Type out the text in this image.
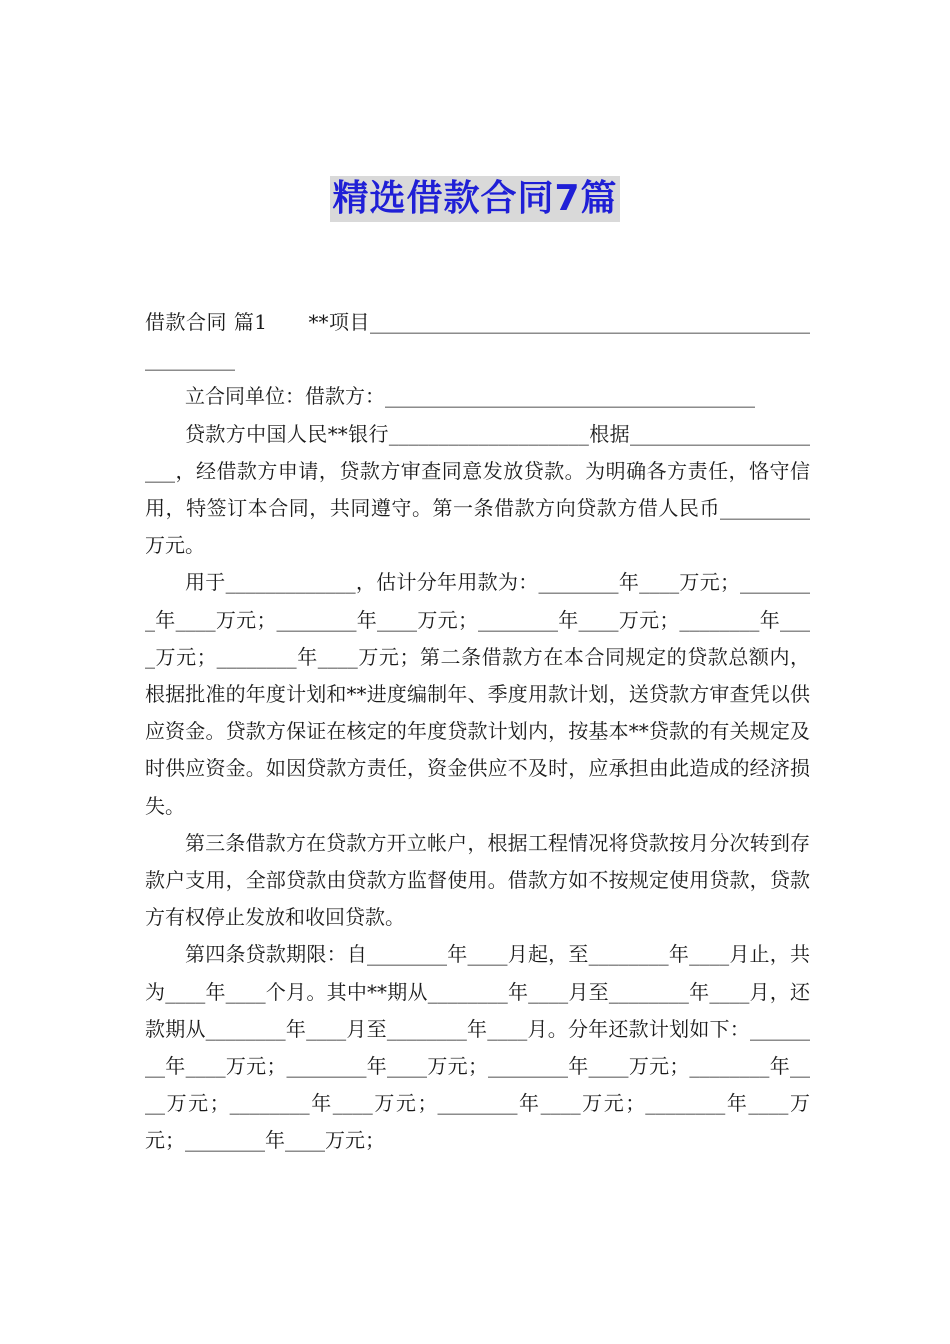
精选借款合同7篇

借款合同 篇1　　**项目_____________________________________________________

立合同单位：借款方：_____________________________________

贷款方中国人民**银行____________________根据_____________________，经借款方申请，贷款方审查同意发放贷款。为明确各方责任，恪守信用，特签订本合同，共同遵守。第一条借款方向贷款方借人民币_________万元。

用于_____________，估计分年用款为：________年____万元；________年____万元；________年____万元；________年____万元；________年____万元；________年____万元；第二条借款方在本合同规定的贷款总额内，根据批准的年度计划和**进度编制年、季度用款计划，送贷款方审查凭以供应资金。贷款方保证在核定的年度贷款计划内，按基本**贷款的有关规定及时供应资金。如因贷款方责任，资金供应不及时，应承担由此造成的经济损失。

第三条借款方在贷款方开立帐户，根据工程情况将贷款按月分次转到存款户支用，全部贷款由贷款方监督使用。借款方如不按规定使用贷款，贷款方有权停止发放和收回贷款。

第四条贷款期限：自________年____月起，至________年____月止，共为____年____个月。其中**期从________年____月至________年____月，还款期从________年____月至________年____月。分年还款计划如下：________年____万元；________年____万元；________年____万元；________年____万元；________年____万元；________年____万元；________年____万元；________年____万元；
